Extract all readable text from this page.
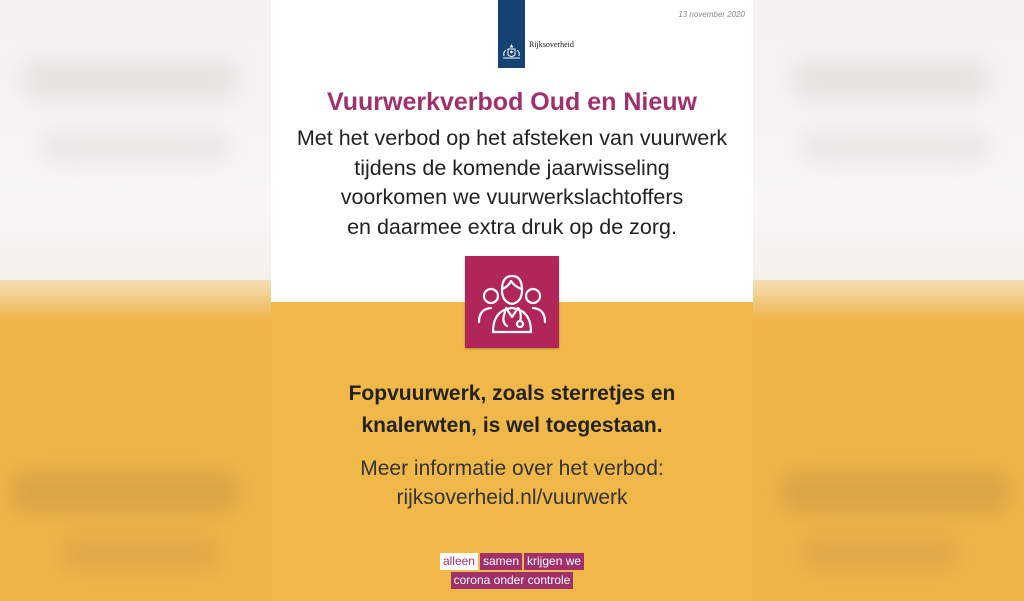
13 november 2020
Rijksoverheid
Vuurwerkverbod Oud en Nieuw
Met het verbod op het afsteken van vuurwerk
tijdens de komende jaarwisseling
voorkomen we vuurwerkslachtoffers
en daarmee extra druk op de zorg.
Fopvuurwerk, zoals sterretjes en
knalerwten, is wel toegestaan.
Meer informatie over het verbod:
rijksoverheid.nl/vuurwerk
alleen samen krijgen we
corona onder controle
